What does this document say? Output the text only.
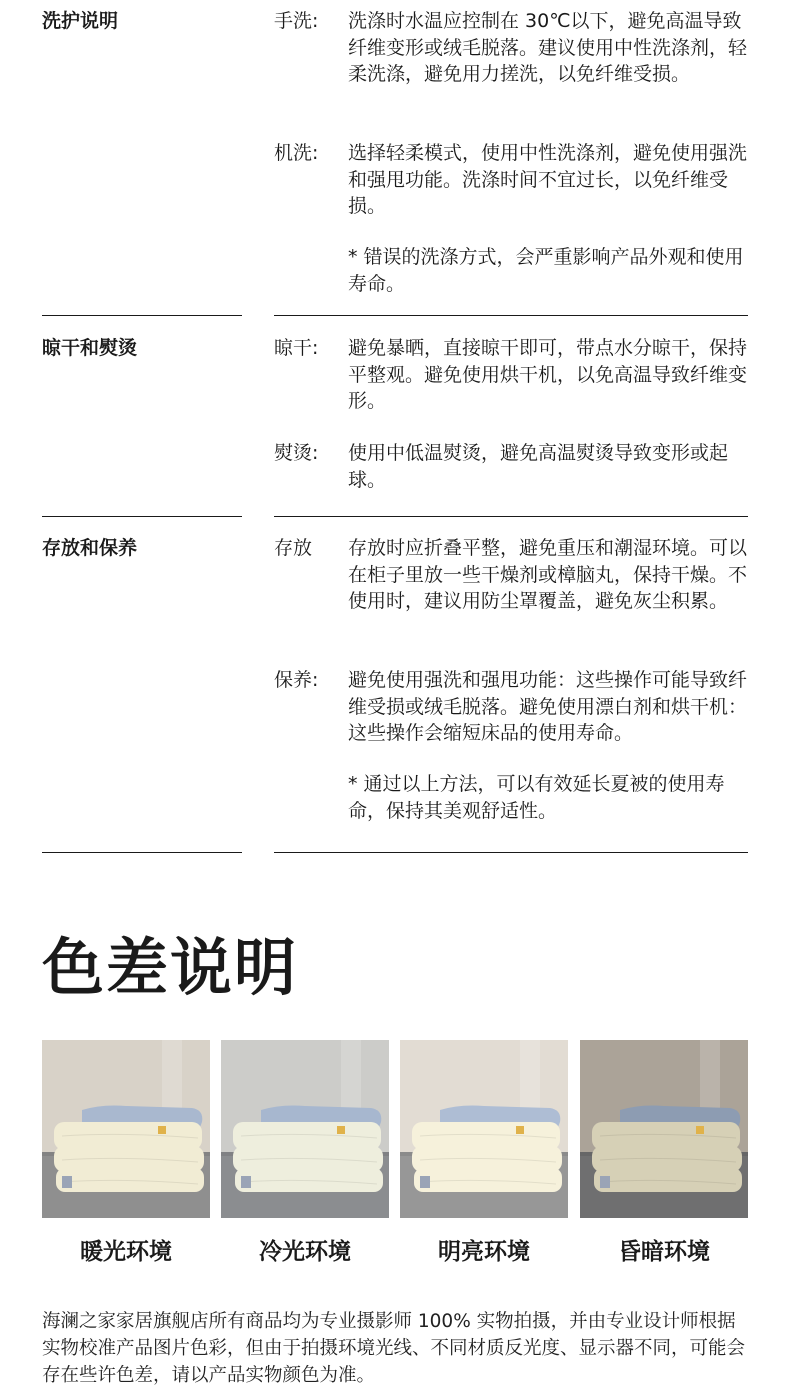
洗护说明	手洗: 洗涤时水温应控制在 30℃以下，避免高温导致纤维变形或绒毛脱落。建议使用中性洗涤剂，轻柔洗涤，避免用力搓洗，以免纤维受损。
机洗: 选择轻柔模式，使用中性洗涤剂，避免使用强洗和强甩功能。洗涤时间不宜过长，以免纤维受损。
* 错误的洗涤方式，会严重影响产品外观和使用寿命。
晾干和熨烫	晾干: 避免暴晒，直接晾干即可，带点水分晾干，保持平整观。避免使用烘干机，以免高温导致纤维变形。
熨烫: 使用中低温熨烫，避免高温熨烫导致变形或起球。
存放和保养	存放 存放时应折叠平整，避免重压和潮湿环境。可以在柜子里放一些干燥剂或樟脑丸，保持干燥。不使用时，建议用防尘罩覆盖，避免灰尘积累。
保养: 避免使用强洗和强甩功能：这些操作可能导致纤维受损或绒毛脱落。避免使用漂白剂和烘干机：这些操作会缩短床品的使用寿命。
* 通过以上方法，可以有效延长夏被的使用寿命，保持其美观舒适性。
色差说明
暖光环境	冷光环境	明亮环境	昏暗环境
海澜之家家居旗舰店所有商品均为专业摄影师 100% 实物拍摄，并由专业设计师根据实物校准产品图片色彩，但由于拍摄环境光线、不同材质反光度、显示器不同，可能会存在些许色差，请以产品实物颜色为准。
